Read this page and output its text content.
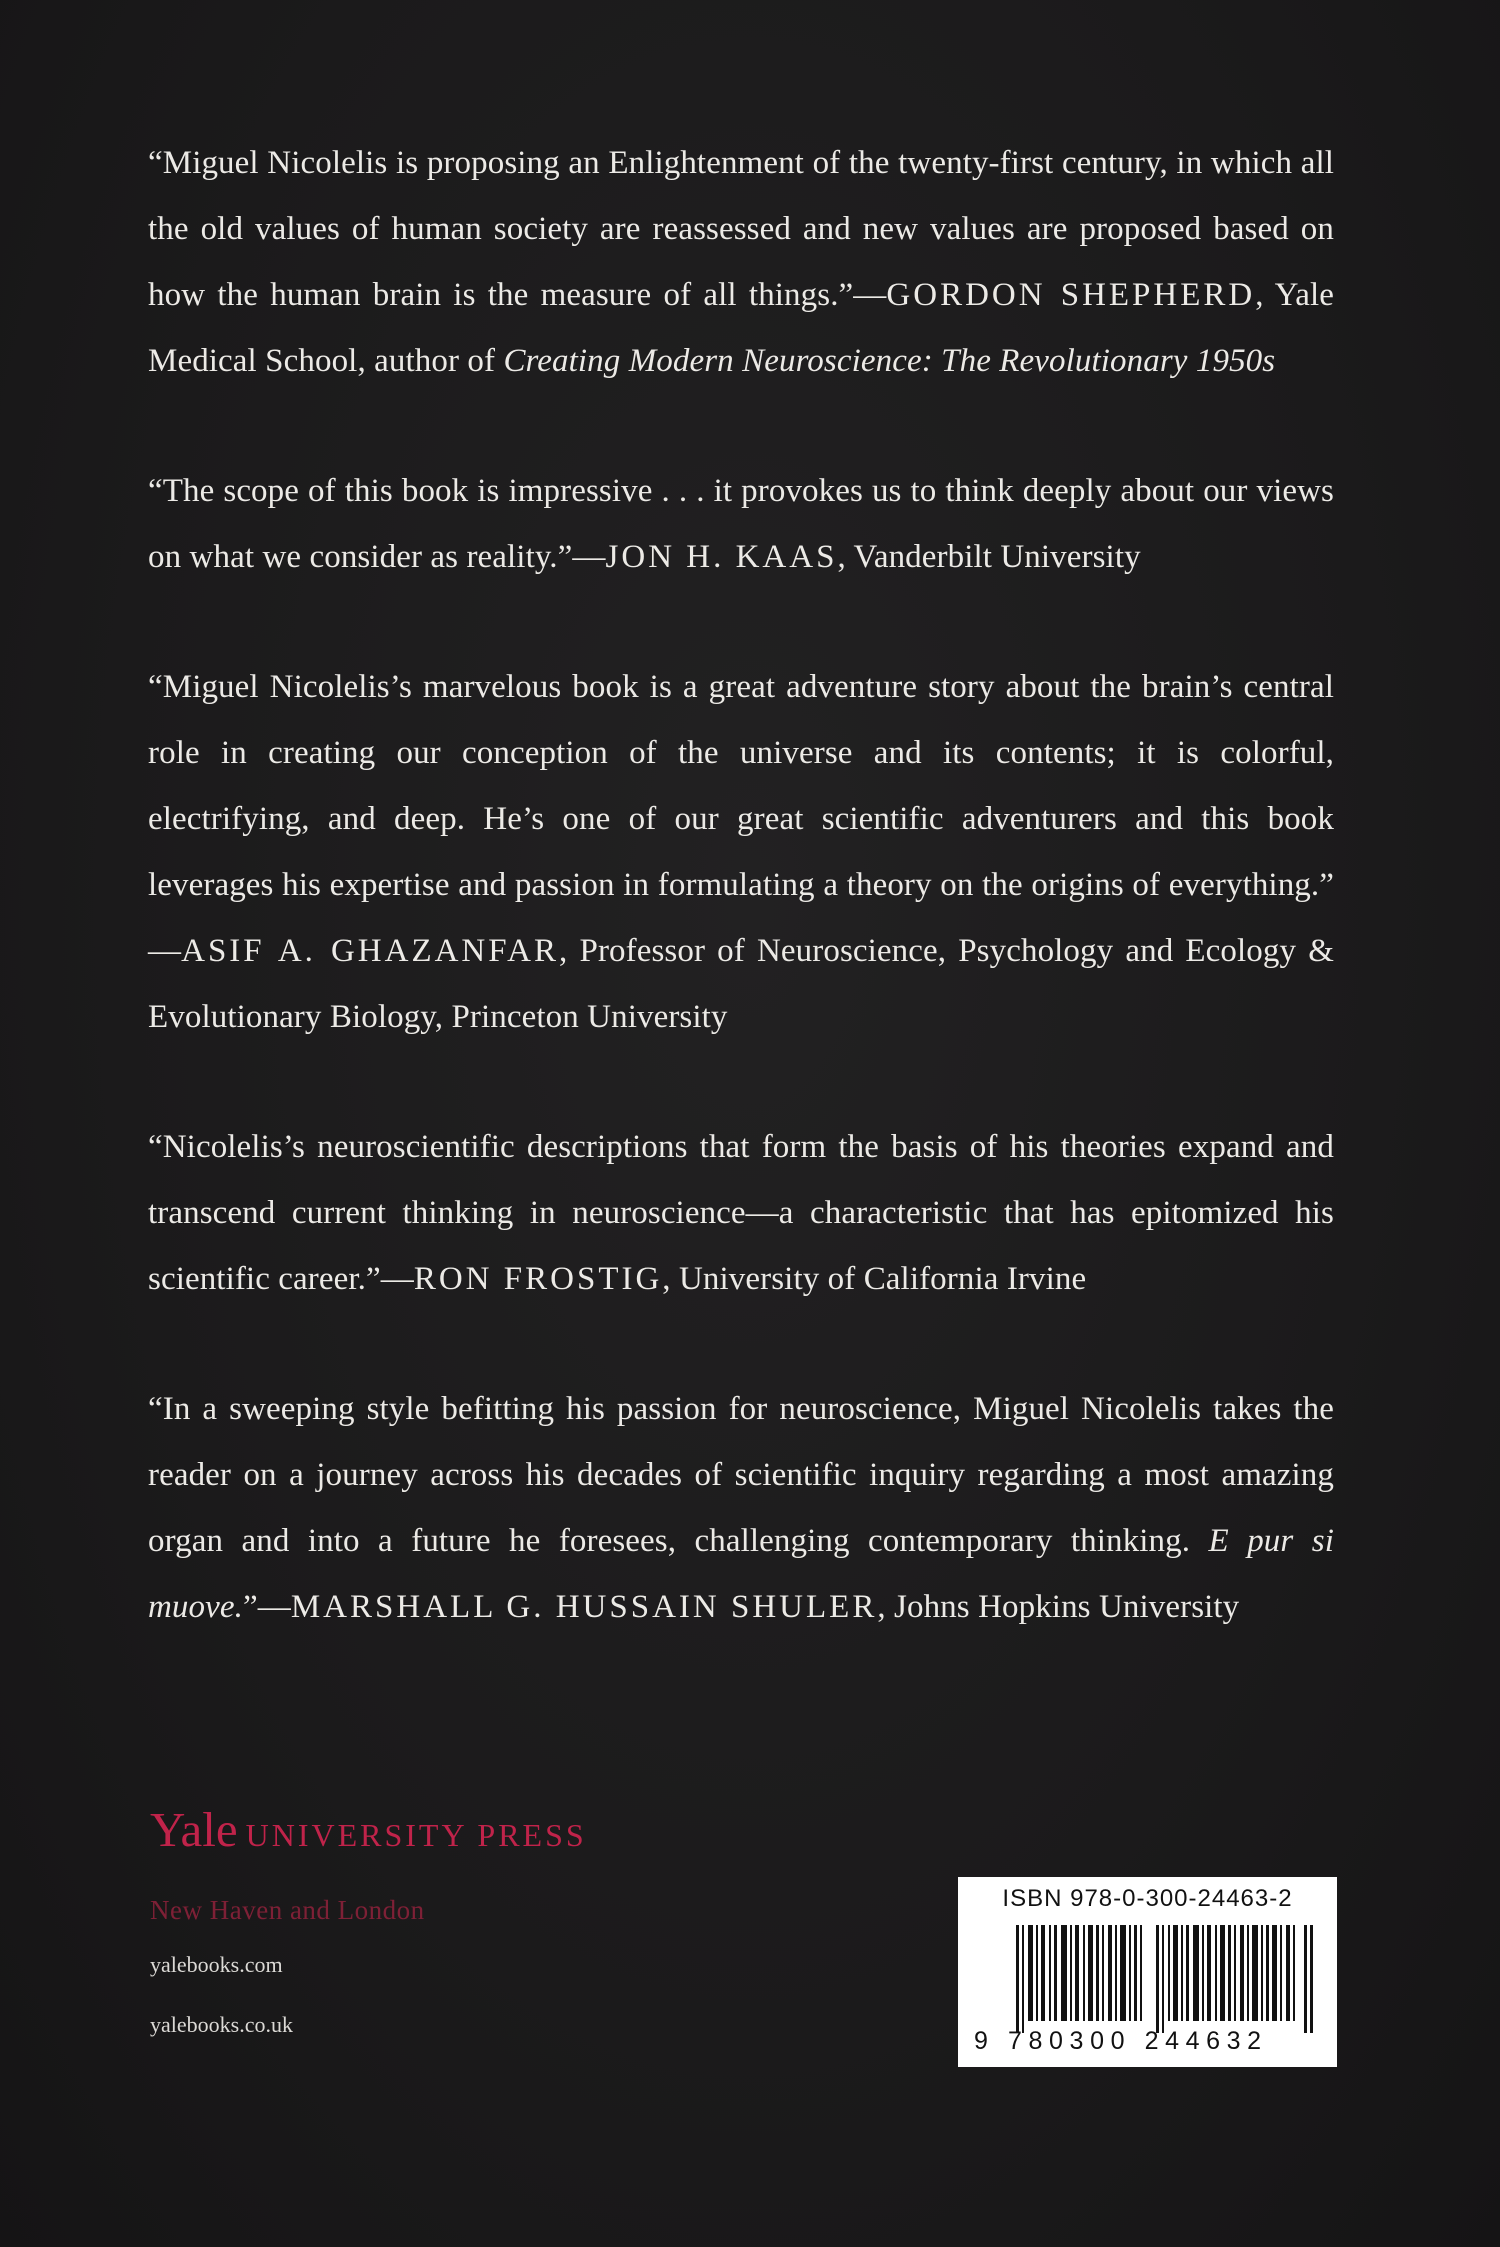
“Miguel Nicolelis is proposing an Enlightenment of the twenty-first century, in which all the old values of human society are reassessed and new values are proposed based on how the human brain is the measure of all things.”—GORDON SHEPHERD, Yale Medical School, author of Creating Modern Neuroscience: The Revolutionary 1950s

“The scope of this book is impressive . . . it provokes us to think deeply about our views on what we consider as reality.”—JON H. KAAS, Vanderbilt University

“Miguel Nicolelis’s marvelous book is a great adventure story about the brain’s central role in creating our conception of the universe and its contents; it is colorful, electrifying, and deep. He’s one of our great scientific adventurers and this book leverages his expertise and passion in formulating a theory on the origins of everything.” —ASIF A. GHAZANFAR, Professor of Neuroscience, Psychology and Ecology & Evolutionary Biology, Princeton University

“Nicolelis’s neuroscientific descriptions that form the basis of his theories expand and transcend current thinking in neuroscience—a characteristic that has epitomized his scientific career.”—RON FROSTIG, University of California Irvine

“In a sweeping style befitting his passion for neuroscience, Miguel Nicolelis takes the reader on a journey across his decades of scientific inquiry regarding a most amazing organ and into a future he foresees, challenging contemporary thinking. E pur si muove.”—MARSHALL G. HUSSAIN SHULER, Johns Hopkins University

Yale UNIVERSITY PRESS
New Haven and London
yalebooks.com
yalebooks.co.uk
ISBN 978-0-300-24463-2
9 780300 244632
